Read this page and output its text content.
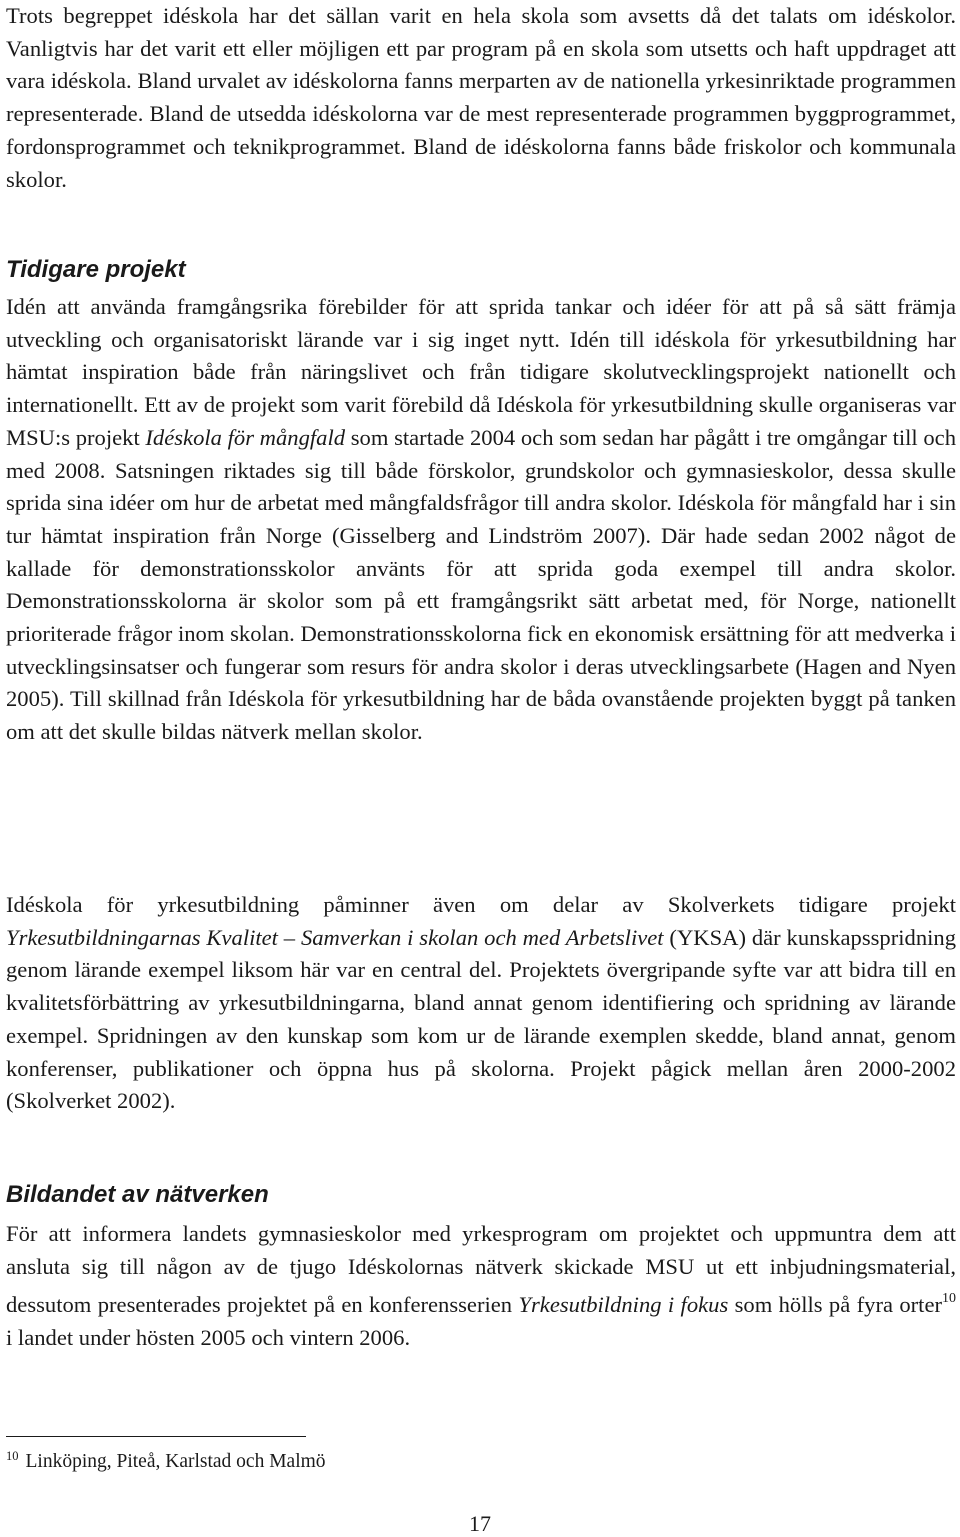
Trots begreppet idéskola har det sällan varit en hela skola som avsetts då det talats om idéskolor. Vanligtvis har det varit ett eller möjligen ett par program på en skola som utsetts och haft uppdraget att vara idéskola. Bland urvalet av idéskolorna fanns merparten av de nationella yrkesinriktade programmen representerade. Bland de utsedda idéskolorna var de mest representerade programmen byggprogrammet, fordonsprogrammet och teknikprogrammet. Bland de idéskolorna fanns både friskolor och kommunala skolor.

Tidigare projekt

Idén att använda framgångsrika förebilder för att sprida tankar och idéer för att på så sätt främja utveckling och organisatoriskt lärande var i sig inget nytt. Idén till idéskola för yrkesutbildning har hämtat inspiration både från näringslivet och från tidigare skolutvecklingsprojekt nationellt och internationellt. Ett av de projekt som varit förebild då Idéskola för yrkesutbildning skulle organiseras var MSU:s projekt Idéskola för mångfald som startade 2004 och som sedan har pågått i tre omgångar till och med 2008. Satsningen riktades sig till både förskolor, grundskolor och gymnasieskolor, dessa skulle sprida sina idéer om hur de arbetat med mångfaldsfrågor till andra skolor. Idéskola för mångfald har i sin tur hämtat inspiration från Norge (Gisselberg and Lindström 2007). Där hade sedan 2002 något de kallade för demonstrationsskolor använts för att sprida goda exempel till andra skolor. Demonstrationsskolorna är skolor som på ett framgångsrikt sätt arbetat med, för Norge, nationellt prioriterade frågor inom skolan. Demonstrationsskolorna fick en ekonomisk ersättning för att medverka i utvecklingsinsatser och fungerar som resurs för andra skolor i deras utvecklingsarbete (Hagen and Nyen 2005). Till skillnad från Idéskola för yrkesutbildning har de båda ovanstående projekten byggt på tanken om att det skulle bildas nätverk mellan skolor.

Idéskola för yrkesutbildning påminner även om delar av Skolverkets tidigare projekt Yrkesutbildningarnas Kvalitet – Samverkan i skolan och med Arbetslivet (YKSA) där kunskapsspridning genom lärande exempel liksom här var en central del. Projektets övergripande syfte var att bidra till en kvalitetsförbättring av yrkesutbildningarna, bland annat genom identifiering och spridning av lärande exempel. Spridningen av den kunskap som kom ur de lärande exemplen skedde, bland annat, genom konferenser, publikationer och öppna hus på skolorna. Projekt pågick mellan åren 2000-2002 (Skolverket 2002).

Bildandet av nätverken

För att informera landets gymnasieskolor med yrkesprogram om projektet och uppmuntra dem att ansluta sig till någon av de tjugo Idéskolornas nätverk skickade MSU ut ett inbjudningsmaterial, dessutom presenterades projektet på en konferensserien Yrkesutbildning i fokus som hölls på fyra orter$^{10}$ i landet under hösten 2005 och vintern 2006.

$^{10}$ Linköping, Piteå, Karlstad och Malmö

17
